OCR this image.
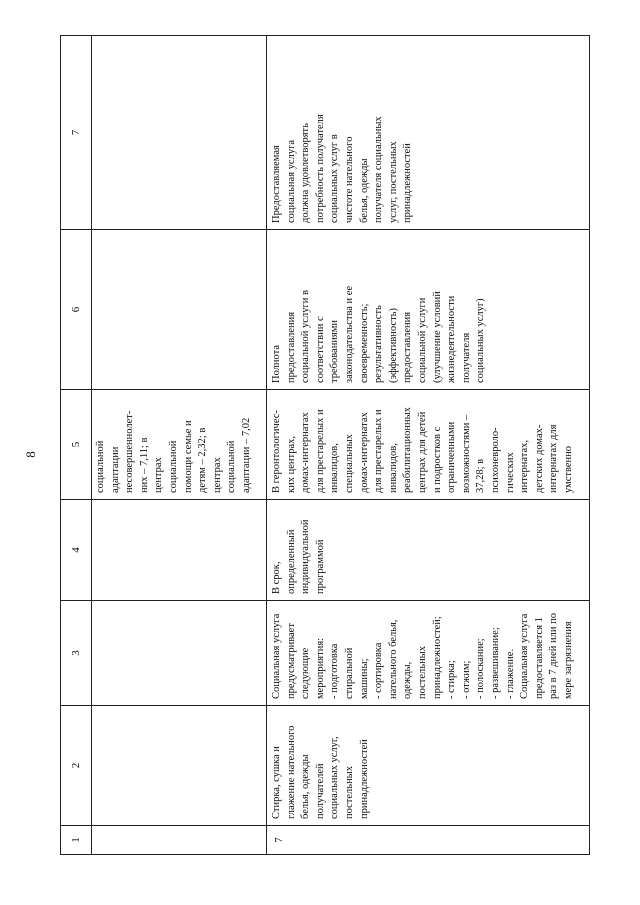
8
1
2
3
4
5
6
7
социальной
адаптации
несовершеннолет-
них – 7,11; в
центрах
социальной
помощи семье и
детям – 2,32; в
центрах
социальной
адаптации – 7,02
7
Стирка, сушка и
глажение нательного
белья, одежды
получателей
социальных услуг,
постельных
принадлежностей
Социальная услуга
предусматривает
следующие
мероприятия:
- подготовка
стиральной
машины;
- сортировка
нательного белья,
одежды,
постельных
принадлежностей;
- стирка;
- отжим;
- полоскание;
- развешивание;
- глажение.
Социальная услуга
предоставляется 1
раз в 7 дней или по
мере загрязнения
В срок,
определенный
индивидуальной
программой
В геронтологичес-
ких центрах,
домах-интернатах
для престарелых и
инвалидов,
специальных
домах-интернатах
для престарелых и
инвалидов,
реабилитационных
центрах для детей
и подростков с
ограниченными
возможностями –
37,28; в
психоневроло-
гических
интернатах,
детских домах-
интернатах для
умственно
Полнота
предоставления
социальной услуги в
соответствии с
требованиями
законодательства и ее
своевременность;
результативность
(эффективность)
предоставления
социальной услуги
(улучшение условий
жизнедеятельности
получателя
социальных услуг)
Предоставляемая
социальная услуга
должна удовлетворять
потребность получателя
социальных услуг в
чистоте нательного
белья, одежды
получателя социальных
услуг, постельных
принадлежностей
